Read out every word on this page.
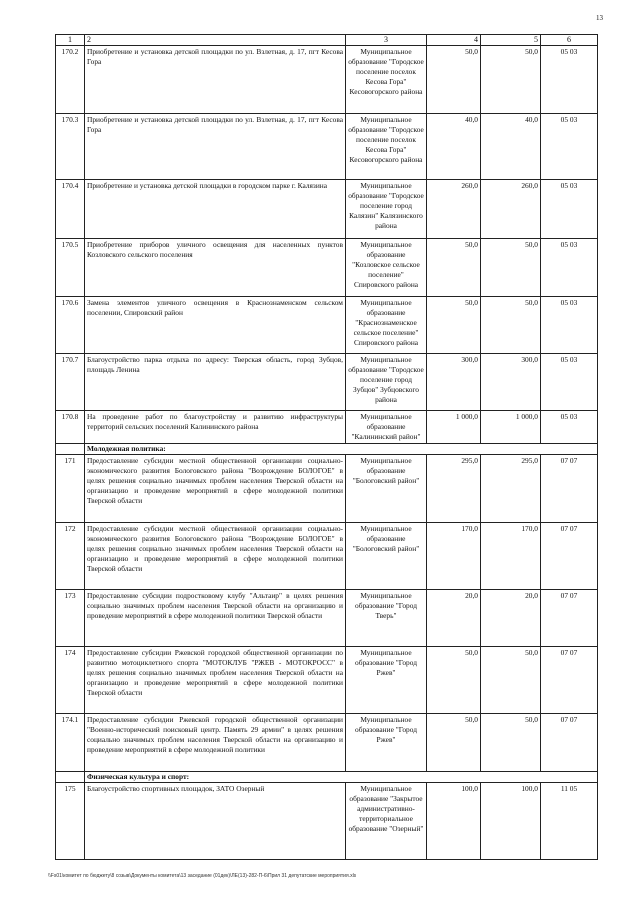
13
1	2	3	4	5	6
170.2	Приобретение и установка детской площадки по ул. Взлетная, д. 17, пгт Кесова Гора	Муниципальное образование "Городское поселение поселок Кесова Гора" Кесовогорского района	50,0	50,0	05 03
170.3	Приобретение и установка детской площадки по ул. Взлетная, д. 17, пгт Кесова Гора	Муниципальное образование "Городское поселение поселок Кесова Гора" Кесовогорского района	40,0	40,0	05 03
170.4	Приобретение и установка детской площадки в городском парке г. Калязина	Муниципальное образование "Городское поселение город Калязин" Калязинского района	260,0	260,0	05 03
170.5	Приобретение приборов уличного освещения для населенных пунктов Козловского сельского поселения	Муниципальное образование "Козловское сельское поселение" Спировского района	50,0	50,0	05 03
170.6	Замена элементов уличного освещения в Краснознаменском сельском поселении, Спировский район	Муниципальное образование "Краснознаменское сельское поселение" Спировского района	50,0	50,0	05 03
170.7	Благоустройство парка отдыха по адресу: Тверская область, город Зубцов, площадь Ленина	Муниципальное образование "Городское поселение город Зубцов" Зубцовского района	300,0	300,0	05 03
170.8	На проведение работ по благоустройству и развитию инфраструктуры территорий сельских поселений Калининского района	Муниципальное образование "Калининский район"	1 000,0	1 000,0	05 03
	Молодежная политика:				
171	Предоставление субсидии местной общественной организации социально-экономического развития Бологовского района "Возрождение БОЛОГОЕ" в целях решения социально значимых проблем населения Тверской области на организацию и проведение мероприятий в сфере молодежной политики Тверской области	Муниципальное образование "Бологовский район"	295,0	295,0	07 07
172	Предоставление субсидии местной общественной организации социально-экономического развития Бологовского района "Возрождение БОЛОГОЕ" в целях решения социально значимых проблем населения Тверской области на организацию и проведение мероприятий в сфере молодежной политики Тверской области	Муниципальное образование "Бологовский район"	170,0	170,0	07 07
173	Предоставление субсидии подростковому клубу "Альтаир" в целях решения социально значимых проблем населения Тверской области на организацию и проведение мероприятий в сфере молодежной политики Тверской области	Муниципальное образование "Город Тверь"	20,0	20,0	07 07
174	Предоставление субсидии Ржевской городской общественной организации по развитию мотоциклетного спорта "МОТОКЛУБ "РЖЕВ - МОТОКРОСС" в целях решения социально значимых проблем населения Тверской области на организацию и проведение мероприятий в сфере молодежной политики Тверской области	Муниципальное образование "Город Ржев"	50,0	50,0	07 07
174.1	Предоставление субсидии Ржевской городской общественной организации "Военно-исторический поисковый центр. Память 29 армии" в целях решения социально значимых проблем населения Тверской области на организацию и проведение мероприятий в сфере молодежной политики	Муниципальное образование "Город Ржев"	50,0	50,0	07 07
	Физическая культура и спорт:				
175	Благоустройство спортивных площадок, ЗАТО Озерный	Муниципальное образование "Закрытое административно-территориальное образование "Озерный"	100,0	100,0	11 05
\\Fs01\комитет по бюджету\8 созыв\Документы комитета\13 заседание (01дек)\ЛЕ(13)-282-П-6\Прил 31 депутатские мероприятия.xls
